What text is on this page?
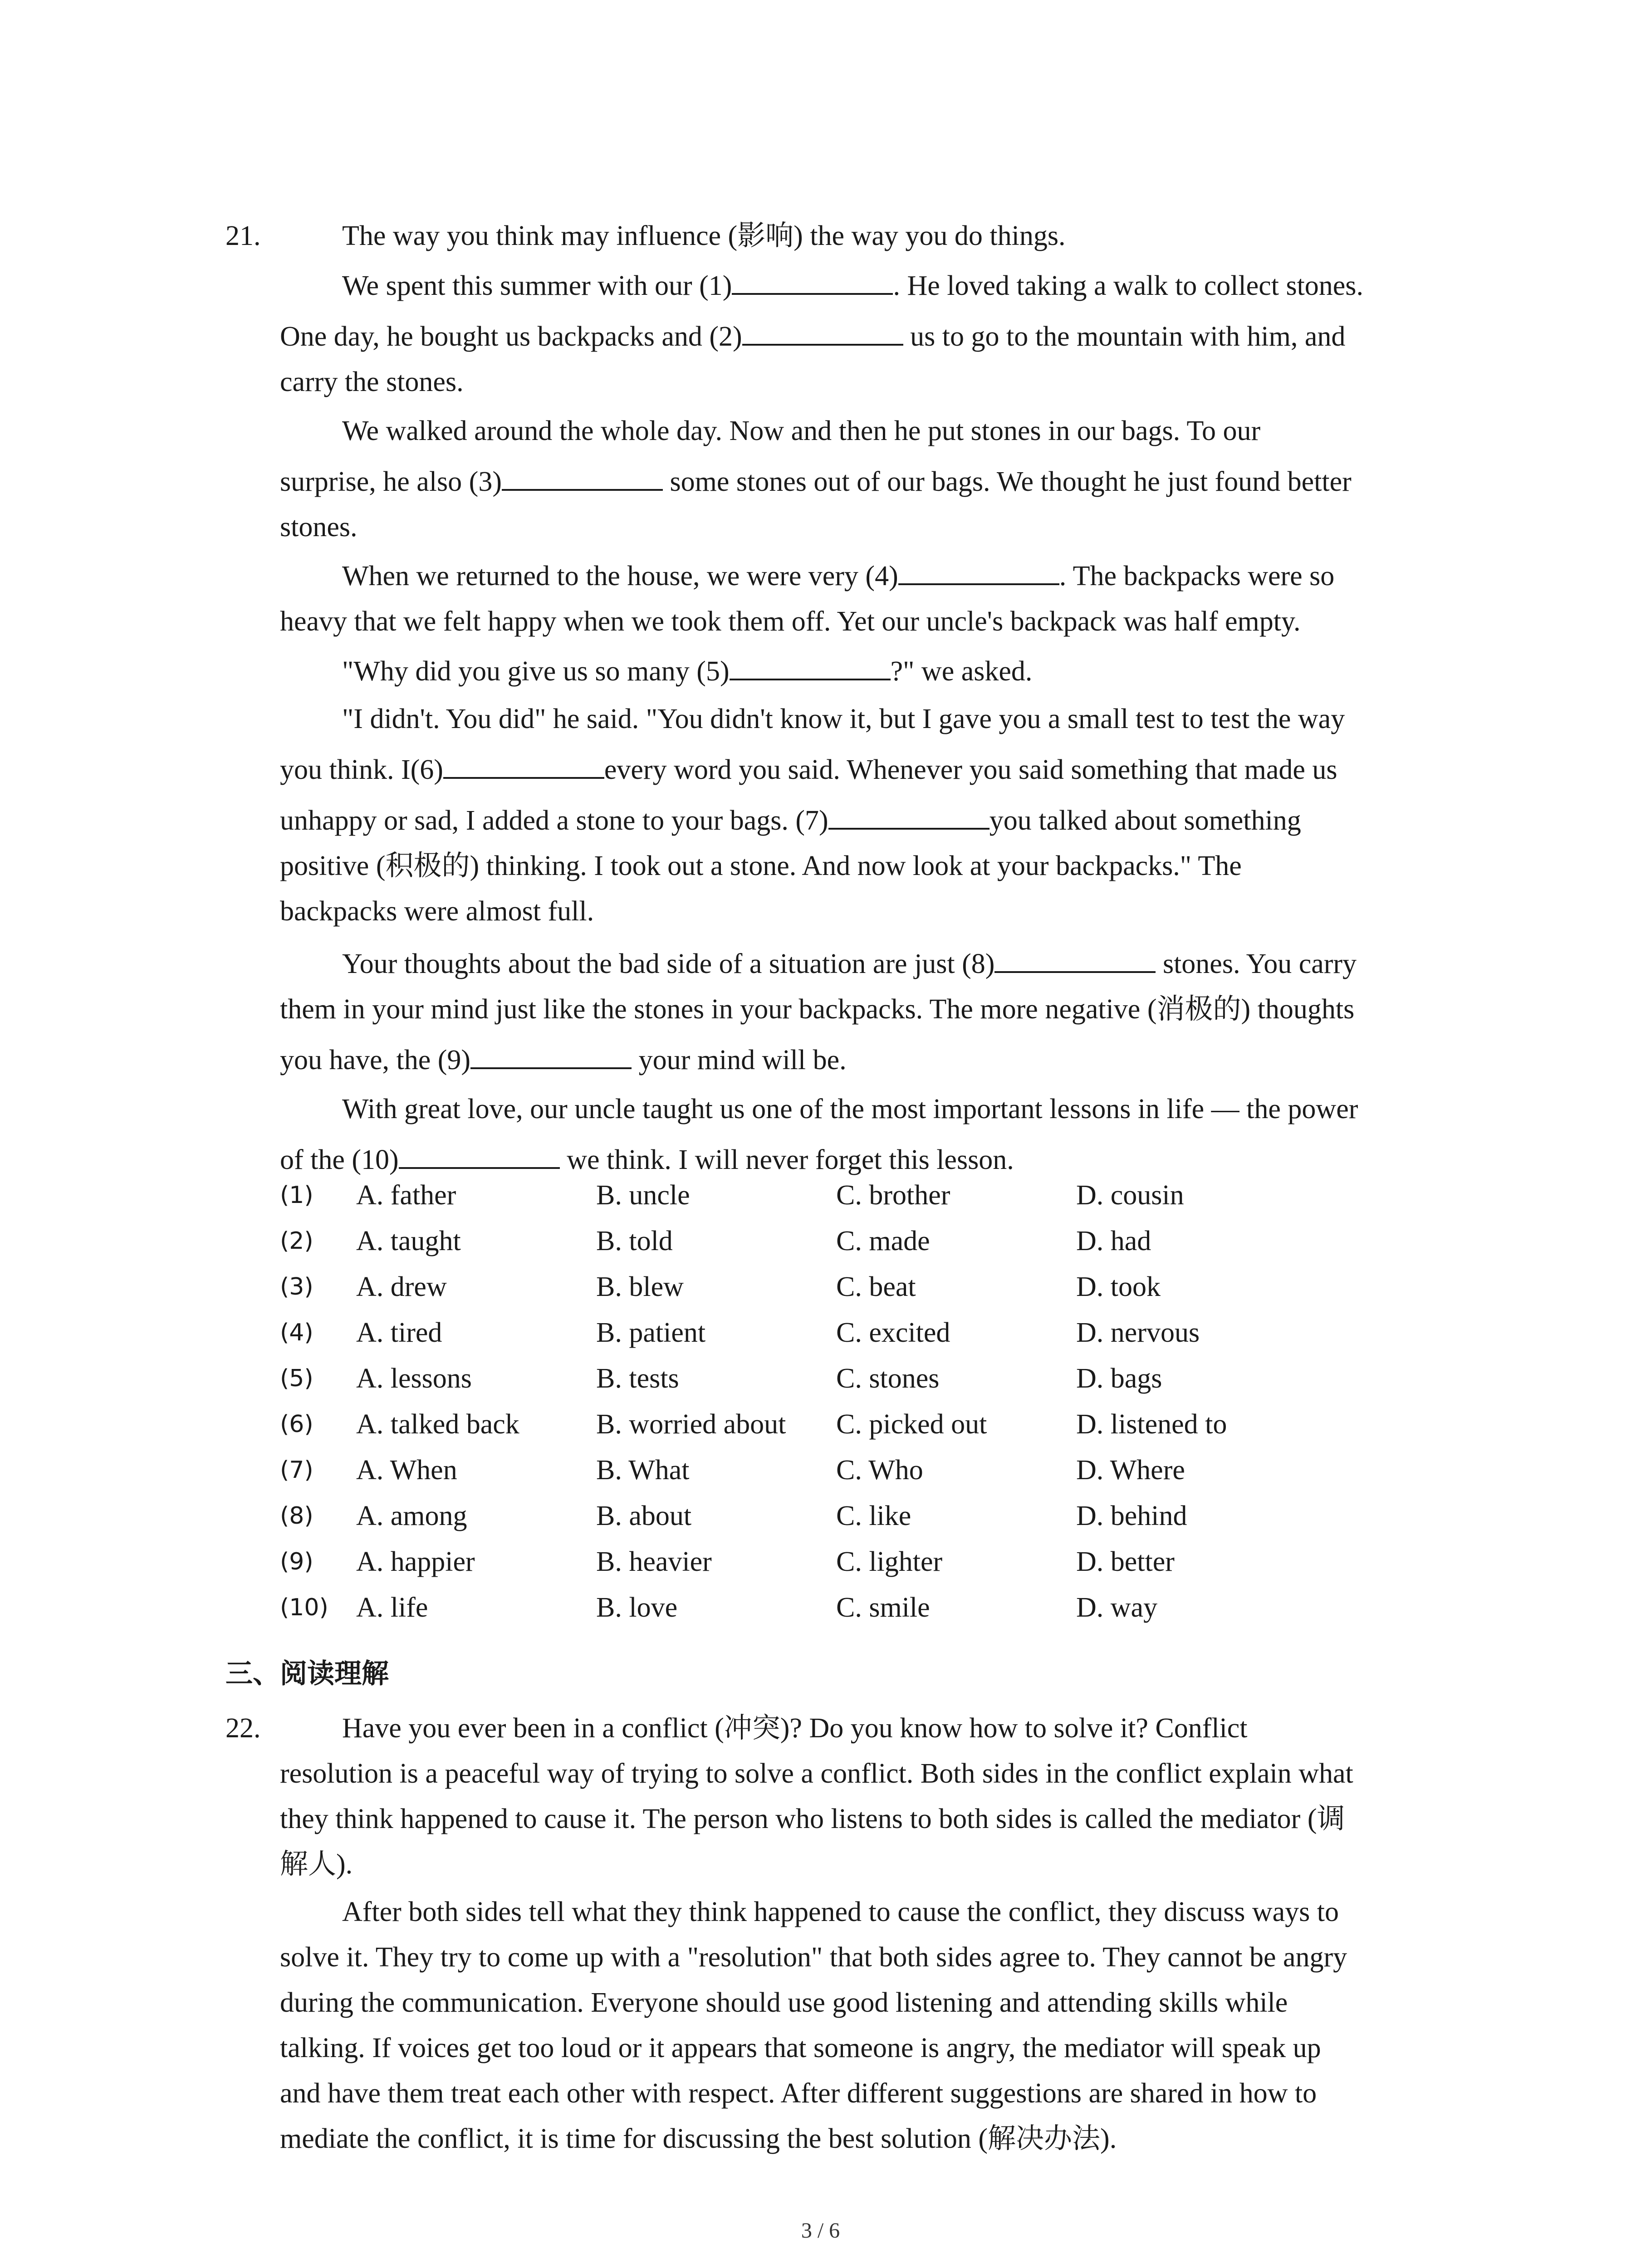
21.	The way you think may influence (影响) the way you do things.
We spent this summer with our (1)	. He loved taking a walk to collect stones.
One day, he bought us backpacks and (2)	us to go to the mountain with him, and
carry the stones.
We walked around the whole day. Now and then he put stones in our bags. To our
surprise, he also (3)	some stones out of our bags. We thought he just found better
stones.
When we returned to the house, we were very (4)	. The backpacks were so
heavy that we felt happy when we took them off. Yet our uncle's backpack was half empty.
"Why did you give us so many (5)	?" we asked.
"I didn't. You did" he said. "You didn't know it, but I gave you a small test to test the way
you think. I(6)	every word you said. Whenever you said something that made us
unhappy or sad, I added a stone to your bags. (7)	you talked about something
positive (积极的) thinking. I took out a stone. And now look at your backpacks." The
backpacks were almost full.
Your thoughts about the bad side of a situation are just (8)	stones. You carry
them in your mind just like the stones in your backpacks. The more negative (消极的) thoughts
you have, the (9)	your mind will be.
With great love, our uncle taught us one of the most important lessons in life — the power
of the (10)	we think. I will never forget this lesson.
(1) A. father	B. uncle	C. brother	D. cousin
(2) A. taught	B. told	C. made	D. had
(3) A. drew	B. blew	C. beat	D. took
(4) A. tired	B. patient	C. excited	D. nervous
(5) A. lessons	B. tests	C. stones	D. bags
(6) A. talked back	B. worried about C. picked out	D. listened to
(7) A. When	B. What	C. Who	D. Where
(8) A. among	B. about	C. like	D. behind
(9) A. happier	B. heavier	C. lighter	D. better
(10) A. life	B. love	C. smile	D. way
三、阅读理解
22.	Have you ever been in a conflict (冲突)? Do you know how to solve it? Conflict
resolution is a peaceful way of trying to solve a conflict. Both sides in the conflict explain what
they think happened to cause it. The person who listens to both sides is called the mediator (调
解人).
After both sides tell what they think happened to cause the conflict, they discuss ways to
solve it. They try to come up with a "resolution" that both sides agree to. They cannot be angry
during the communication. Everyone should use good listening and attending skills while
talking. If voices get too loud or it appears that someone is angry, the mediator will speak up
and have them treat each other with respect. After different suggestions are shared in how to
mediate the conflict, it is time for discussing the best solution (解决办法).
3 / 6
